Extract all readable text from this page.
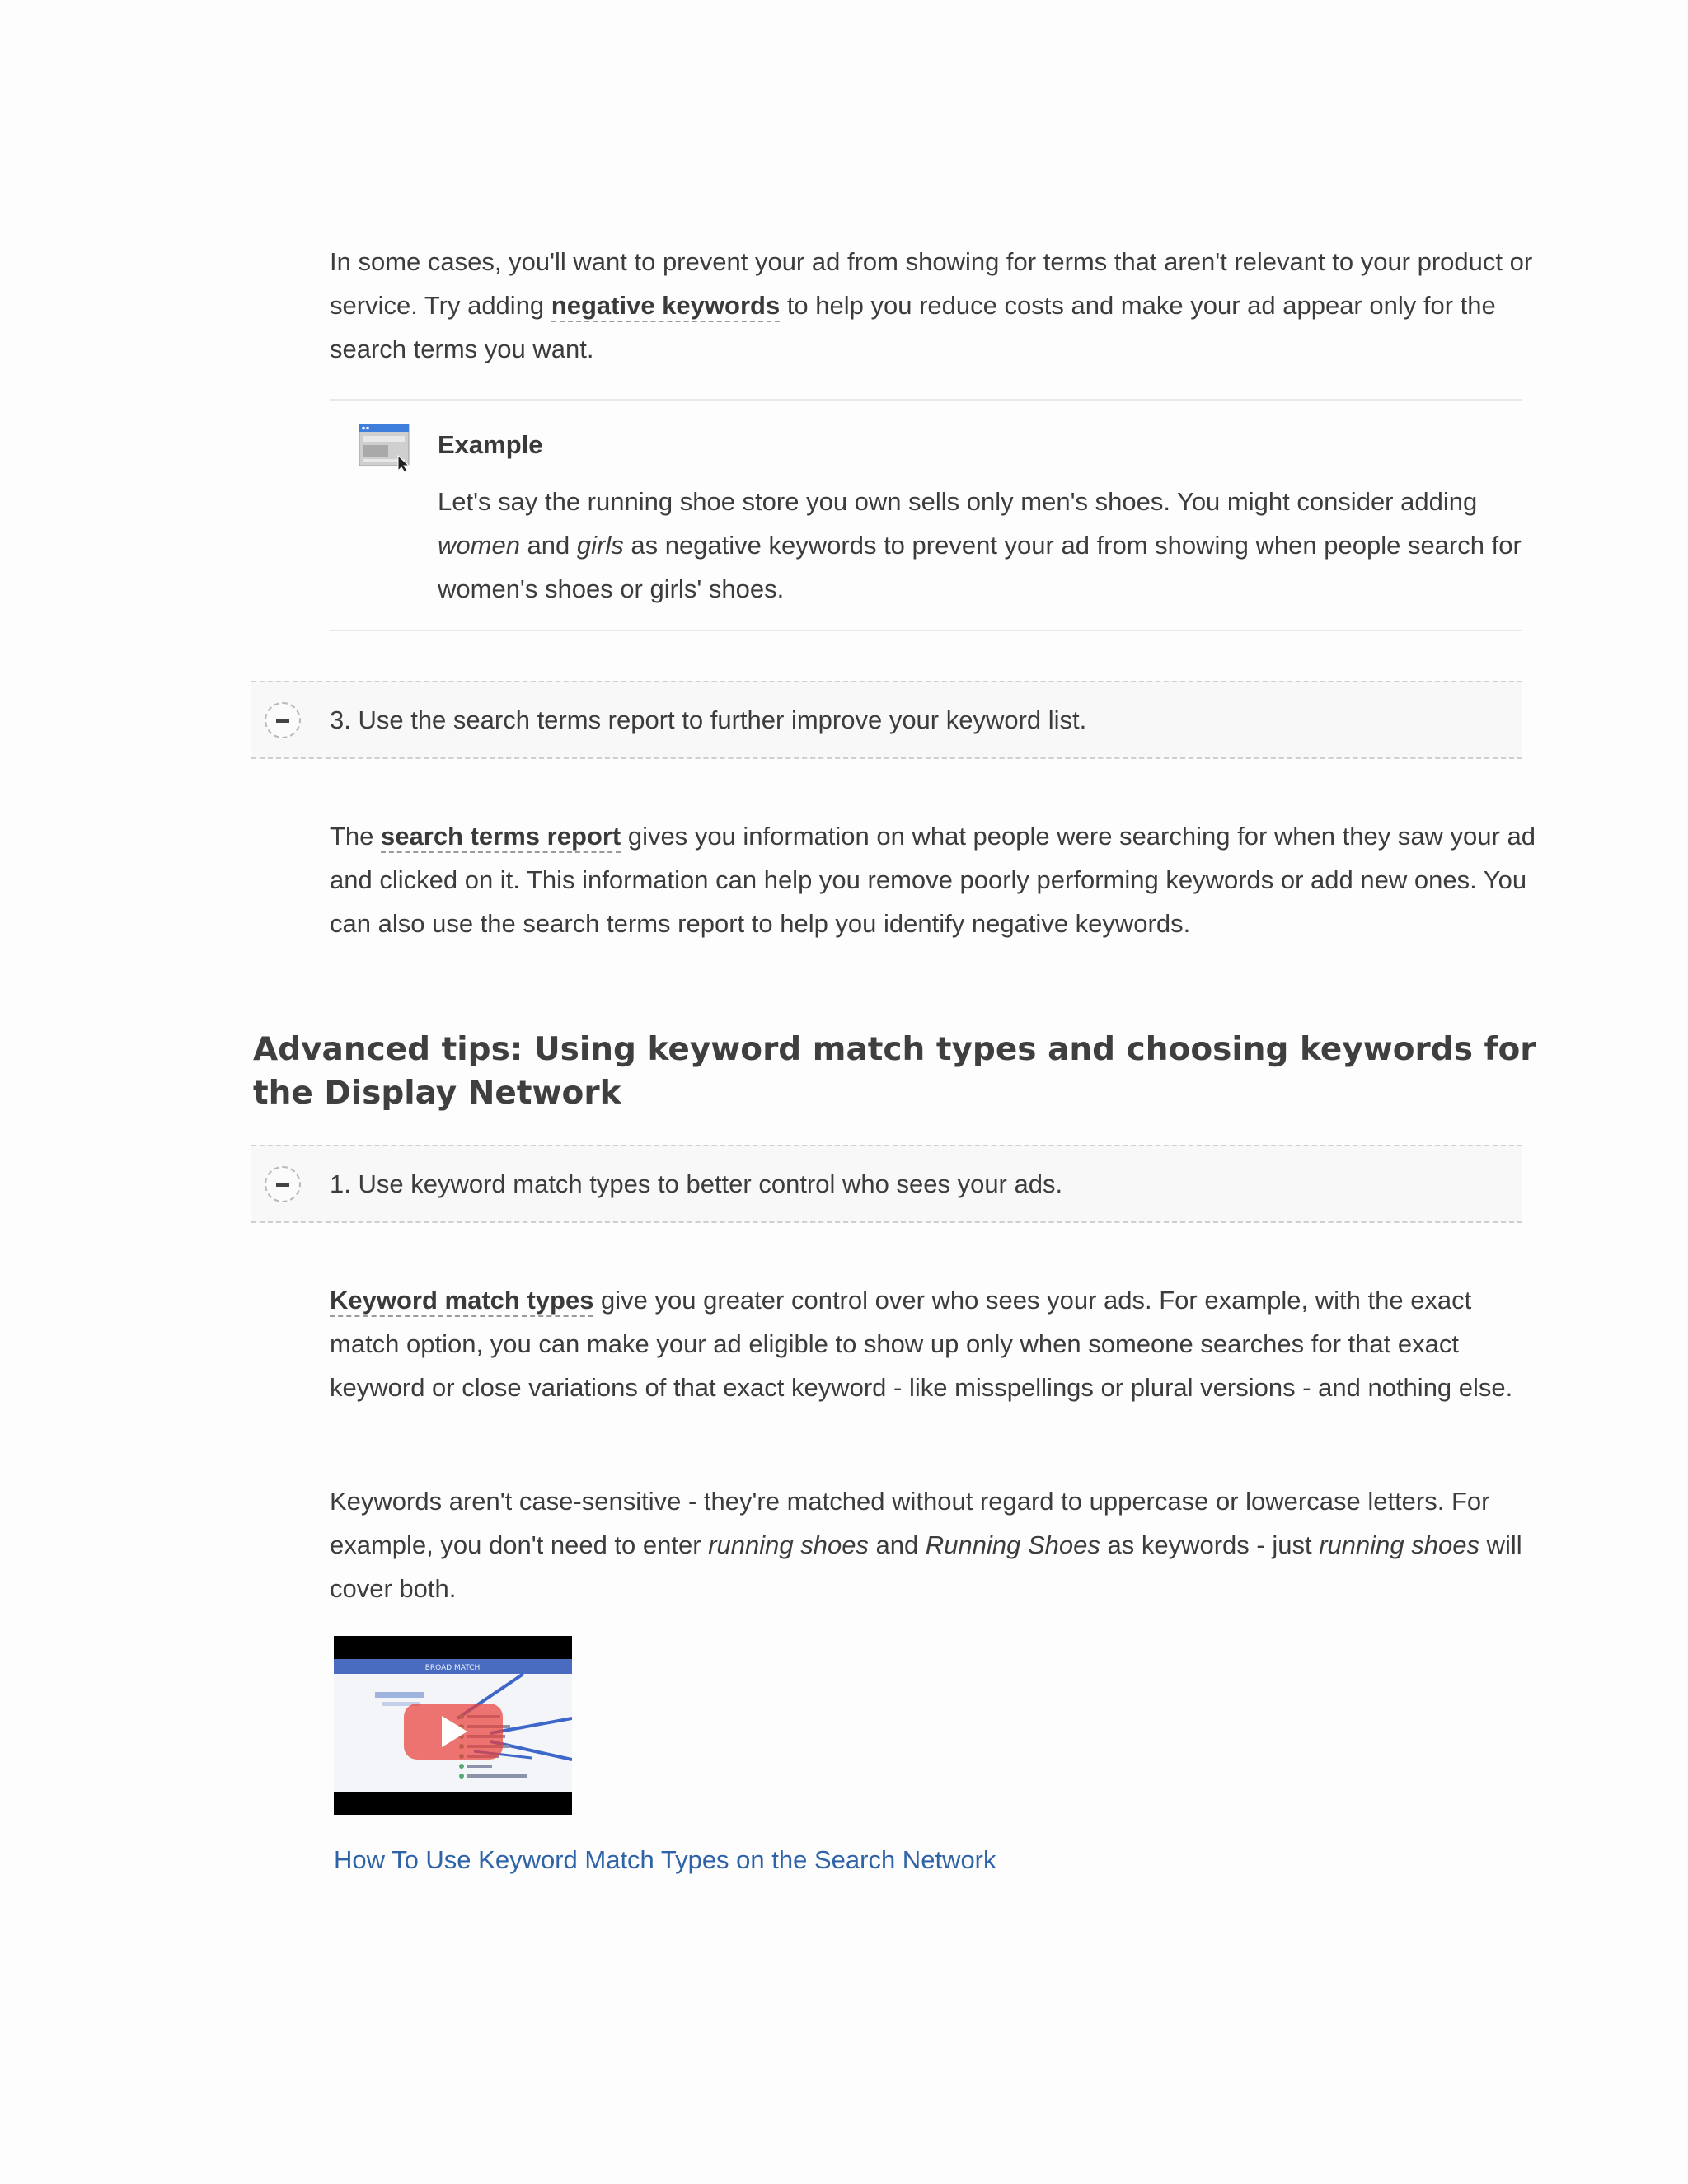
In some cases, you'll want to prevent your ad from showing for terms that aren't relevant to your product or service. Try adding negative keywords to help you reduce costs and make your ad appear only for the search terms you want.

Example

Let's say the running shoe store you own sells only men's shoes. You might consider adding women and girls as negative keywords to prevent your ad from showing when people search for women's shoes or girls' shoes.

3. Use the search terms report to further improve your keyword list.

The search terms report gives you information on what people were searching for when they saw your ad and clicked on it. This information can help you remove poorly performing keywords or add new ones. You can also use the search terms report to help you identify negative keywords.

Advanced tips: Using keyword match types and choosing keywords for the Display Network
1. Use keyword match types to better control who sees your ads.

Keyword match types give you greater control over who sees your ads. For example, with the exact match option, you can make your ad eligible to show up only when someone searches for that exact keyword or close variations of that exact keyword - like misspellings or plural versions - and nothing else.

Keywords aren't case-sensitive - they're matched without regard to uppercase or lowercase letters. For example, you don't need to enter running shoes and Running Shoes as keywords - just running shoes will cover both.

BROAD MATCH
How To Use Keyword Match Types on the Search Network
